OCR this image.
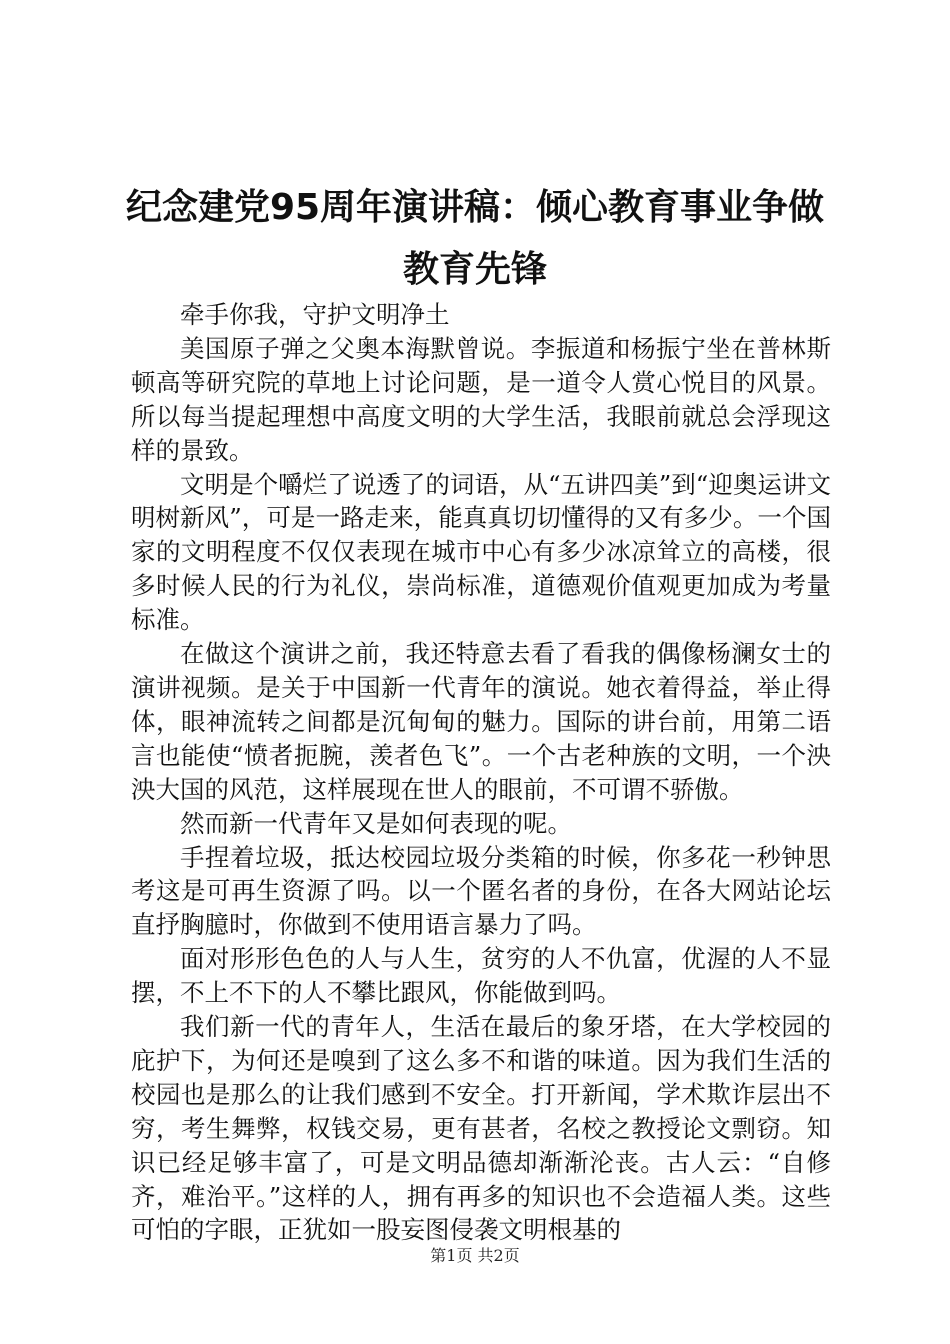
纪念建党95周年演讲稿：倾心教育事业争做
教育先锋

牵手你我，守护文明净土

美国原子弹之父奥本海默曾说。李振道和杨振宁坐在普林斯顿高等研究院的草地上讨论问题，是一道令人赏心悦目的风景。所以每当提起理想中高度文明的大学生活，我眼前就总会浮现这样的景致。

文明是个嚼烂了说透了的词语，从“五讲四美”到“迎奥运讲文明树新风”，可是一路走来，能真真切切懂得的又有多少。一个国家的文明程度不仅仅表现在城市中心有多少冰凉耸立的高楼，很多时候人民的行为礼仪，崇尚标准，道德观价值观更加成为考量标准。

在做这个演讲之前，我还特意去看了看我的偶像杨澜女士的演讲视频。是关于中国新一代青年的演说。她衣着得益，举止得体，眼神流转之间都是沉甸甸的魅力。国际的讲台前，用第二语言也能使“愤者扼腕，羡者色飞”。一个古老种族的文明，一个泱泱大国的风范，这样展现在世人的眼前，不可谓不骄傲。

然而新一代青年又是如何表现的呢。

手捏着垃圾，抵达校园垃圾分类箱的时候，你多花一秒钟思考这是可再生资源了吗。以一个匿名者的身份，在各大网站论坛直抒胸臆时，你做到不使用语言暴力了吗。

面对形形色色的人与人生，贫穷的人不仇富，优渥的人不显摆，不上不下的人不攀比跟风，你能做到吗。

我们新一代的青年人，生活在最后的象牙塔，在大学校园的庇护下，为何还是嗅到了这么多不和谐的味道。因为我们生活的校园也是那么的让我们感到不安全。打开新闻，学术欺诈层出不穷，考生舞弊，权钱交易，更有甚者，名校之教授论文剽窃。知识已经足够丰富了，可是文明品德却渐渐沦丧。古人云：“自修齐，难治平。”这样的人，拥有再多的知识也不会造福人类。这些可怕的字眼，正犹如一股妄图侵袭文明根基的

第1页 共2页
